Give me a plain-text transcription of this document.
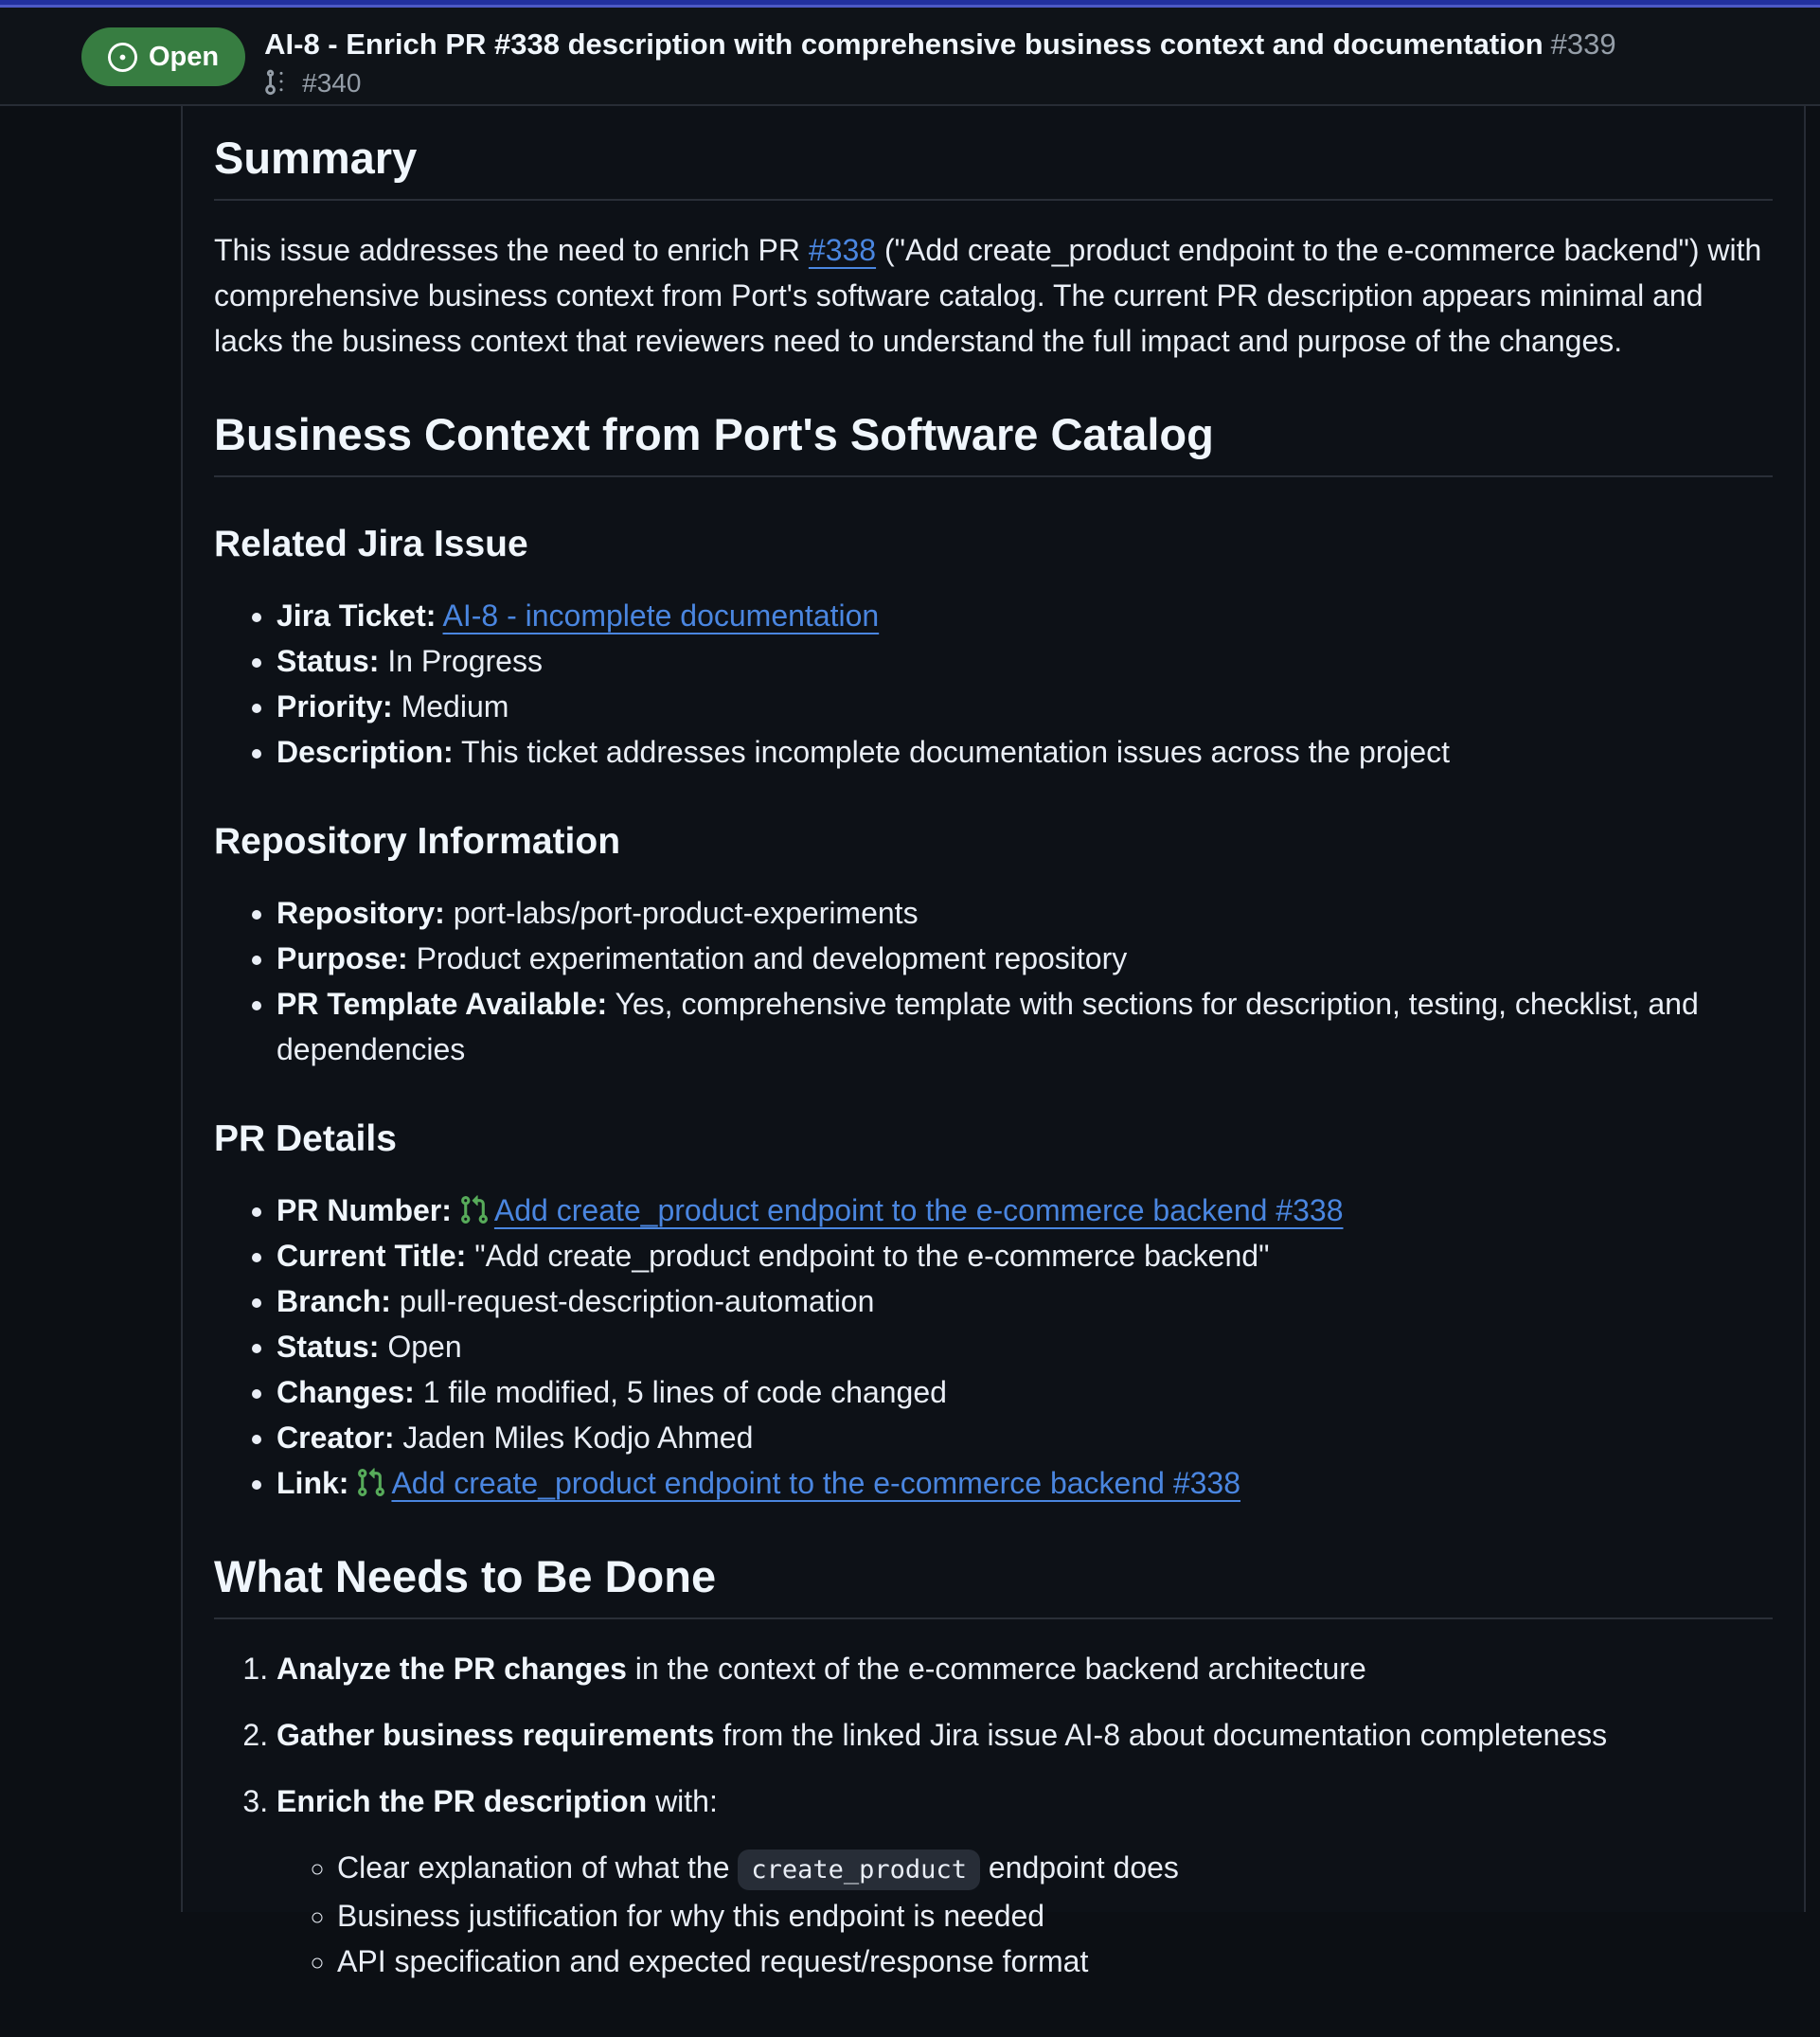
Open AI-8 - Enrich PR #338 description with comprehensive business context and documentation #339
#340
Summary

This issue addresses the need to enrich PR #338 ("Add create_product endpoint to the e-commerce backend") with comprehensive business context from Port's software catalog. The current PR description appears minimal and lacks the business context that reviewers need to understand the full impact and purpose of the changes.

Business Context from Port's Software Catalog
Related Jira Issue
• Jira Ticket: AI-8 - incomplete documentation
• Status: In Progress
• Priority: Medium
• Description: This ticket addresses incomplete documentation issues across the project
Repository Information
• Repository: port-labs/port-product-experiments
• Purpose: Product experimentation and development repository
• PR Template Available: Yes, comprehensive template with sections for description, testing, checklist, and dependencies
PR Details
• PR Number: Add create_product endpoint to the e-commerce backend #338
• Current Title: "Add create_product endpoint to the e-commerce backend"
• Branch: pull-request-description-automation
• Status: Open
• Changes: 1 file modified, 5 lines of code changed
• Creator: Jaden Miles Kodjo Ahmed
• Link: Add create_product endpoint to the e-commerce backend #338
What Needs to Be Done
1. Analyze the PR changes in the context of the e-commerce backend architecture
2. Gather business requirements from the linked Jira issue AI-8 about documentation completeness
3. Enrich the PR description with:
◦ Clear explanation of what the create_product endpoint does
◦ Business justification for why this endpoint is needed
◦ API specification and expected request/response format
